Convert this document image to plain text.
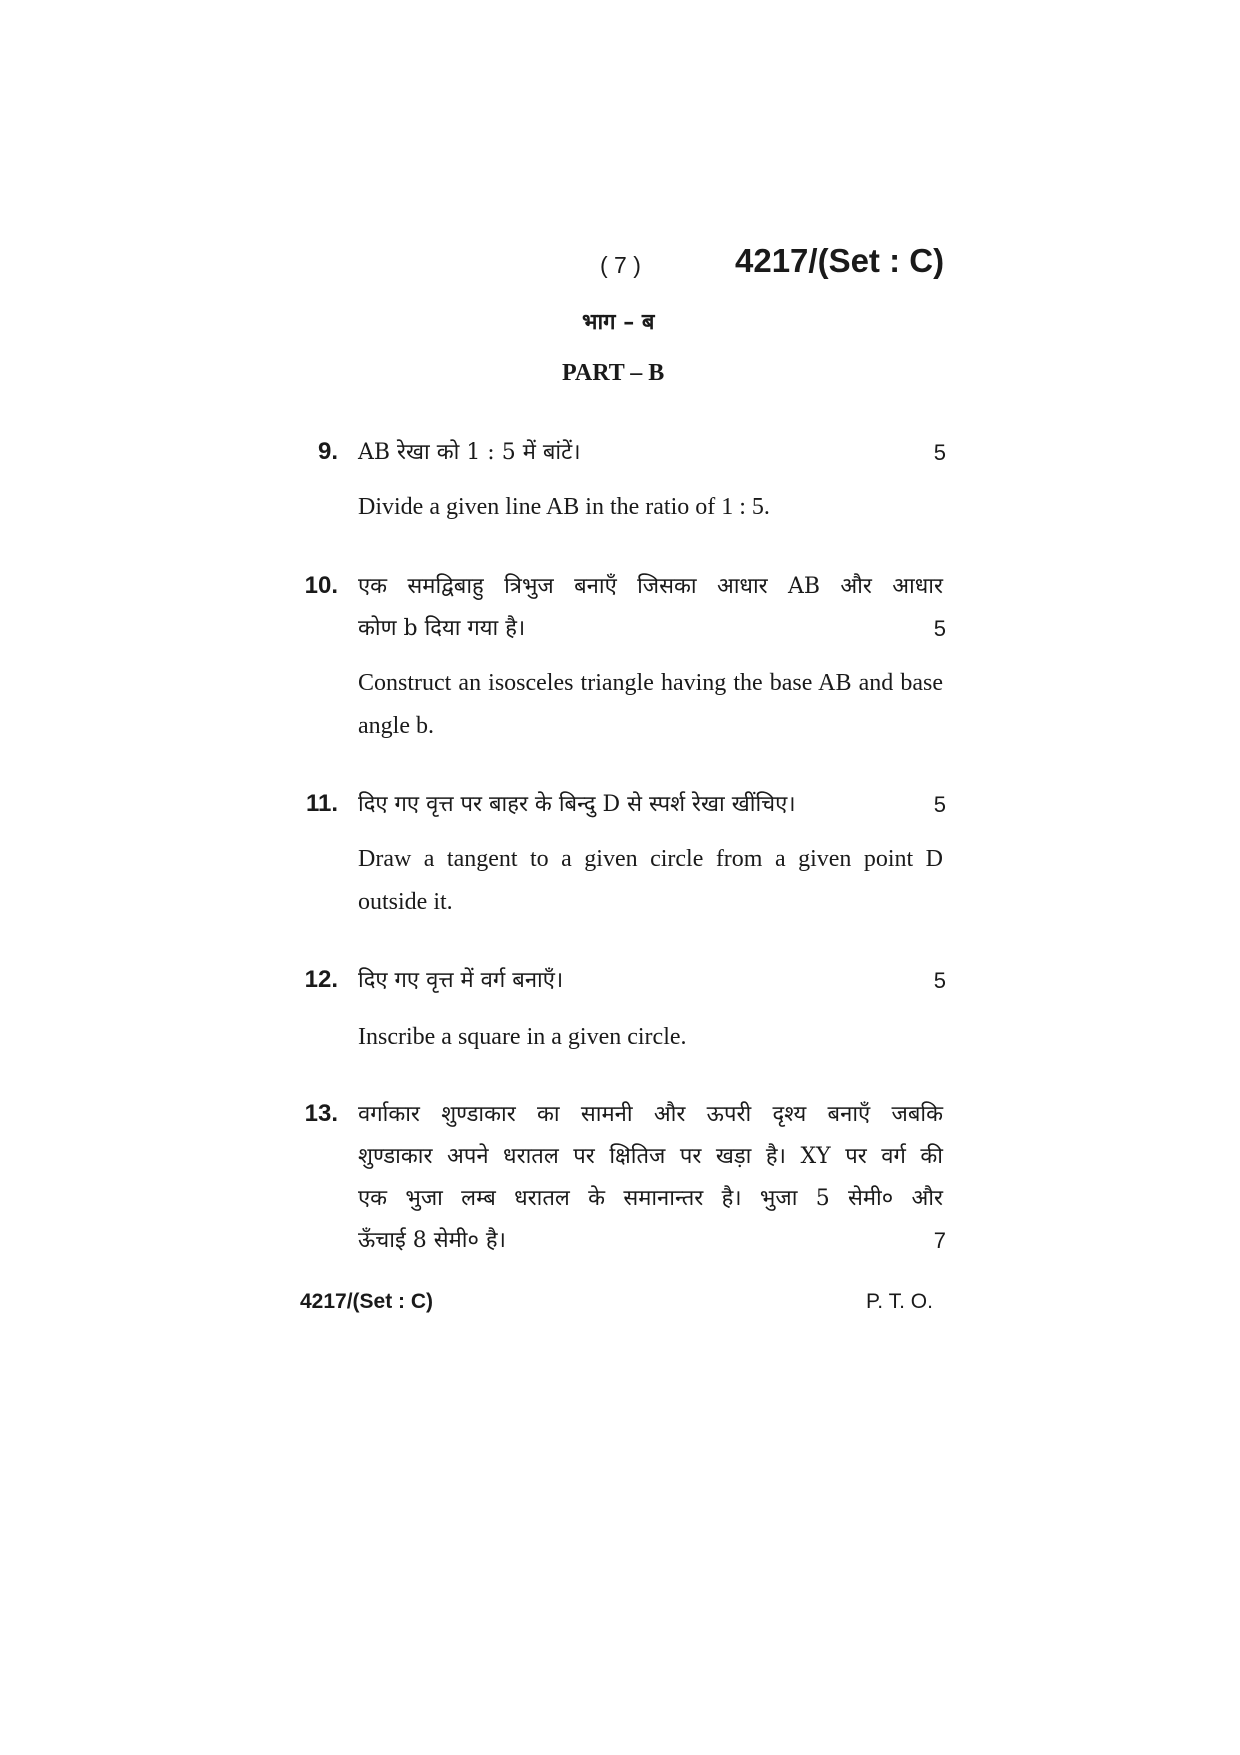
( 7 )	4217/(Set : C)
भाग – ब
PART – B
9. AB रेखा को 1 : 5 में बांटें।	5
Divide a given line AB in the ratio of 1 : 5.
10. एक समद्विबाहु त्रिभुज बनाएँ जिसका आधार AB और आधार
कोण b दिया गया है।	5
Construct an isosceles triangle having the base AB and base angle b.
11. दिए गए वृत्त पर बाहर के बिन्दु D से स्पर्श रेखा खींचिए।	5
Draw a tangent to a given circle from a given point D outside it.
12. दिए गए वृत्त में वर्ग बनाएँ।	5
Inscribe a square in a given circle.
13. वर्गाकार शुण्डाकार का सामनी और ऊपरी दृश्य बनाएँ जबकि
शुण्डाकार अपने धरातल पर क्षितिज पर खड़ा है। XY पर वर्ग की
एक भुजा लम्ब धरातल के समानान्तर है। भुजा 5 सेमी० और
ऊँचाई 8 सेमी० है।	7
4217/(Set : C)	P. T. O.
